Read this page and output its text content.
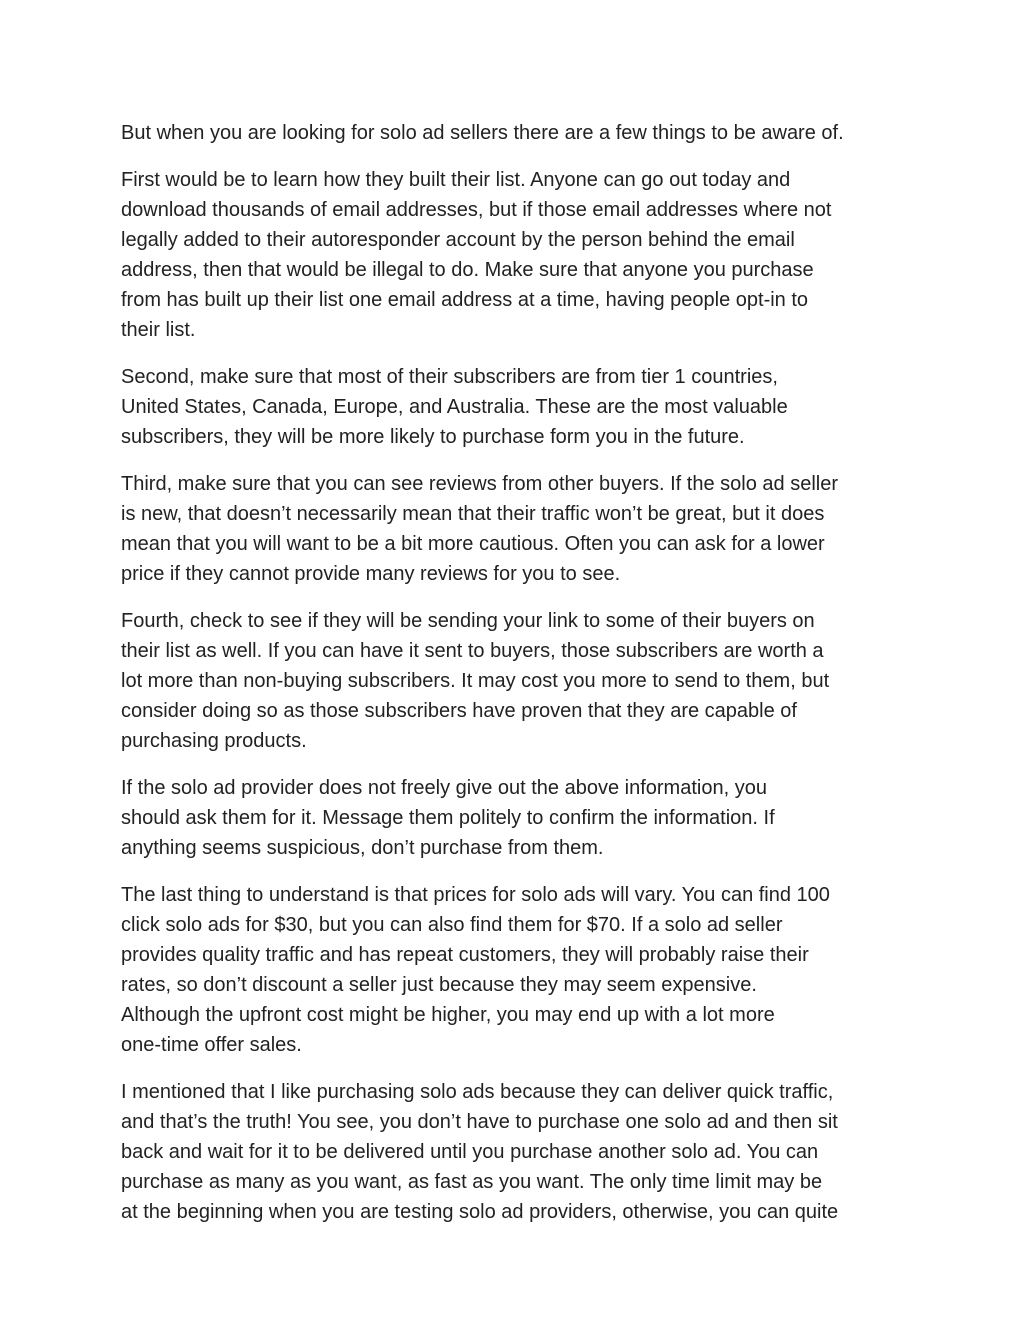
But when you are looking for solo ad sellers there are a few things to be aware of.

First would be to learn how they built their list. Anyone can go out today and
download thousands of email addresses, but if those email addresses where not
legally added to their autoresponder account by the person behind the email
address, then that would be illegal to do. Make sure that anyone you purchase
from has built up their list one email address at a time, having people opt-in to
their list.

Second, make sure that most of their subscribers are from tier 1 countries,
United States, Canada, Europe, and Australia. These are the most valuable
subscribers, they will be more likely to purchase form you in the future.

Third, make sure that you can see reviews from other buyers. If the solo ad seller
is new, that doesn’t necessarily mean that their traffic won’t be great, but it does
mean that you will want to be a bit more cautious. Often you can ask for a lower
price if they cannot provide many reviews for you to see.

Fourth, check to see if they will be sending your link to some of their buyers on
their list as well. If you can have it sent to buyers, those subscribers are worth a
lot more than non-buying subscribers. It may cost you more to send to them, but
consider doing so as those subscribers have proven that they are capable of
purchasing products.

If the solo ad provider does not freely give out the above information, you
should ask them for it. Message them politely to confirm the information. If
anything seems suspicious, don’t purchase from them.

The last thing to understand is that prices for solo ads will vary. You can find 100
click solo ads for $30, but you can also find them for $70. If a solo ad seller
provides quality traffic and has repeat customers, they will probably raise their
rates, so don’t discount a seller just because they may seem expensive.
Although the upfront cost might be higher, you may end up with a lot more
one-time offer sales.

I mentioned that I like purchasing solo ads because they can deliver quick traffic,
and that’s the truth! You see, you don’t have to purchase one solo ad and then sit
back and wait for it to be delivered until you purchase another solo ad. You can
purchase as many as you want, as fast as you want. The only time limit may be
at the beginning when you are testing solo ad providers, otherwise, you can quite
